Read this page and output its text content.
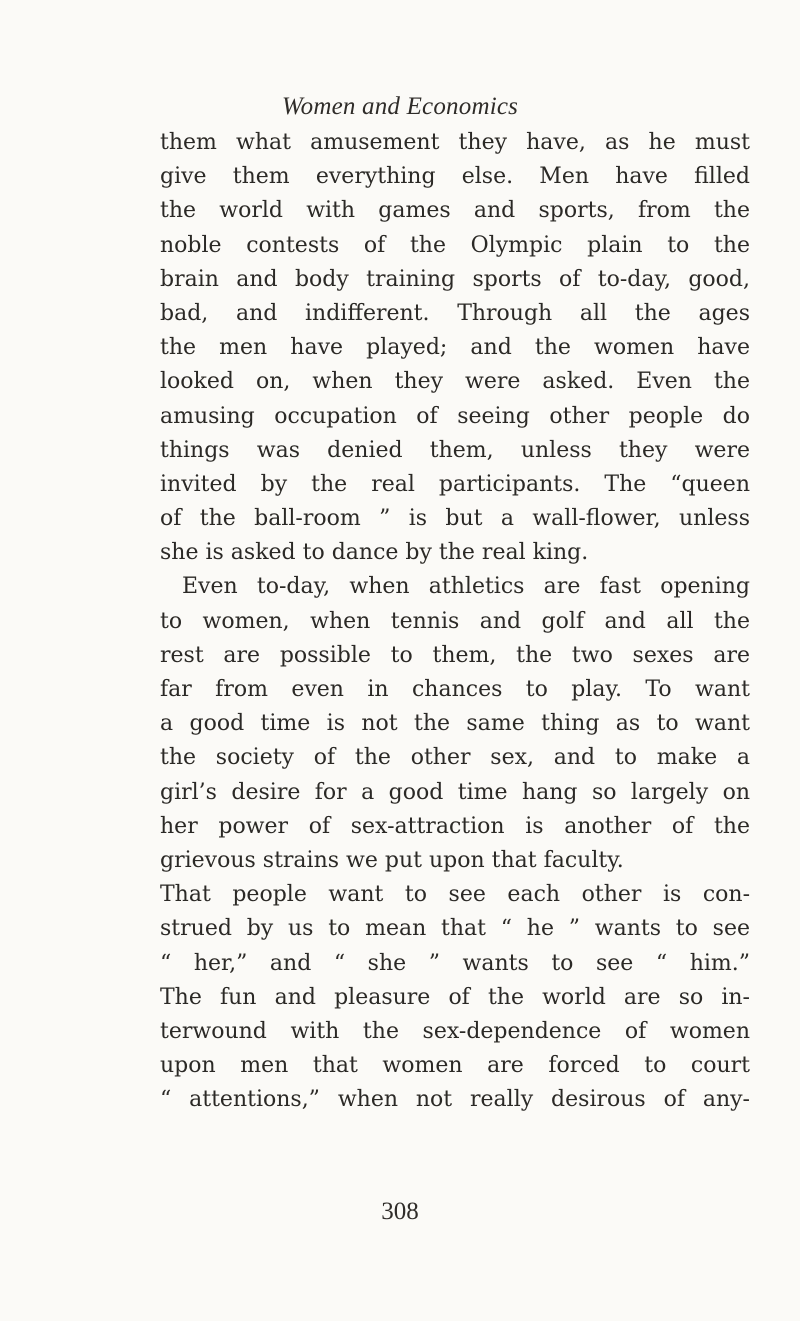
Women and Economics
them what amusement they have, as he must
give them everything else. Men have filled
the world with games and sports, from the
noble contests of the Olympic plain to the
brain and body training sports of to-day, good,
bad, and indifferent. Through all the ages
the men have played; and the women have
looked on, when they were asked. Even the
amusing occupation of seeing other people do
things was denied them, unless they were
invited by the real participants. The “queen
of the ball-room ” is but a wall-flower, unless
she is asked to dance by the real king.
Even to-day, when athletics are fast opening
to women, when tennis and golf and all the
rest are possible to them, the two sexes are
far from even in chances to play. To want
a good time is not the same thing as to want
the society of the other sex, and to make a
girl’s desire for a good time hang so largely on
her power of sex-attraction is another of the
grievous strains we put upon that faculty.
That people want to see each other is con-
strued by us to mean that “ he ” wants to see
“ her,” and “ she ” wants to see “ him.”
The fun and pleasure of the world are so in-
terwound with the sex-dependence of women
upon men that women are forced to court
“ attentions,” when not really desirous of any-
308
